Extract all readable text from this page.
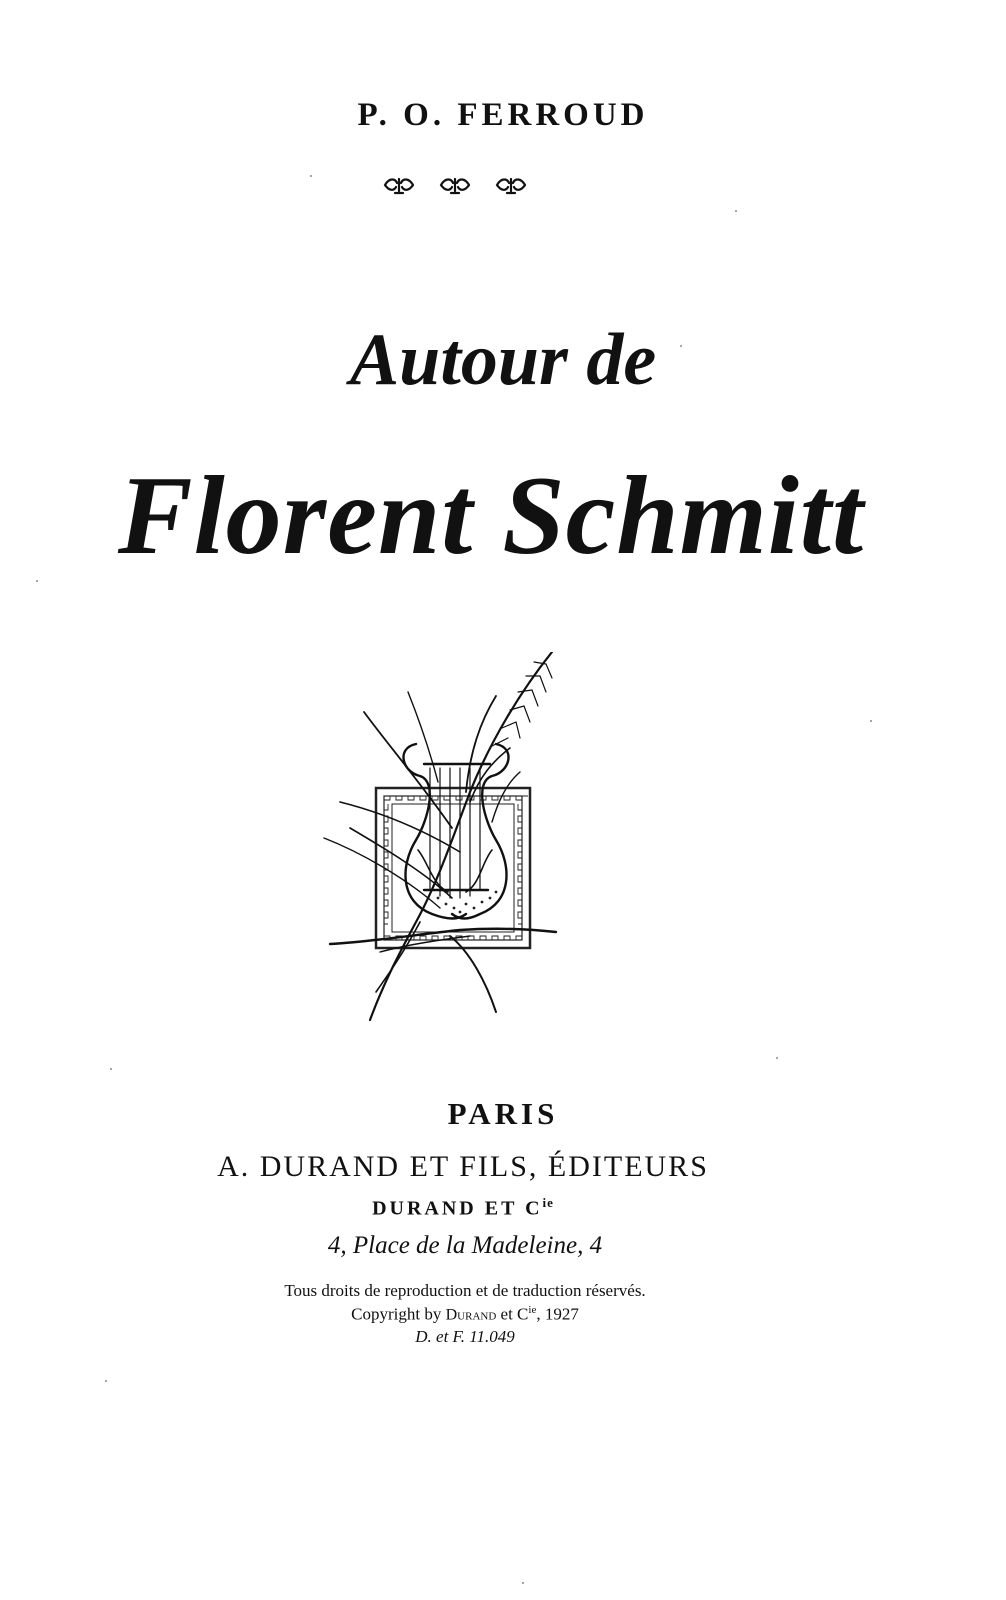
P. O. FERROUD
Autour de
Florent Schmitt
PARIS
A. DURAND ET FILS, ÉDITEURS
DURAND ET $C^{ie}$
4, Place de la Madeleine, 4
Tous droits de reproduction et de traduction réservés.
Copyright by Durand et $C^{ie}$, 1927
D. et F. 11.049
